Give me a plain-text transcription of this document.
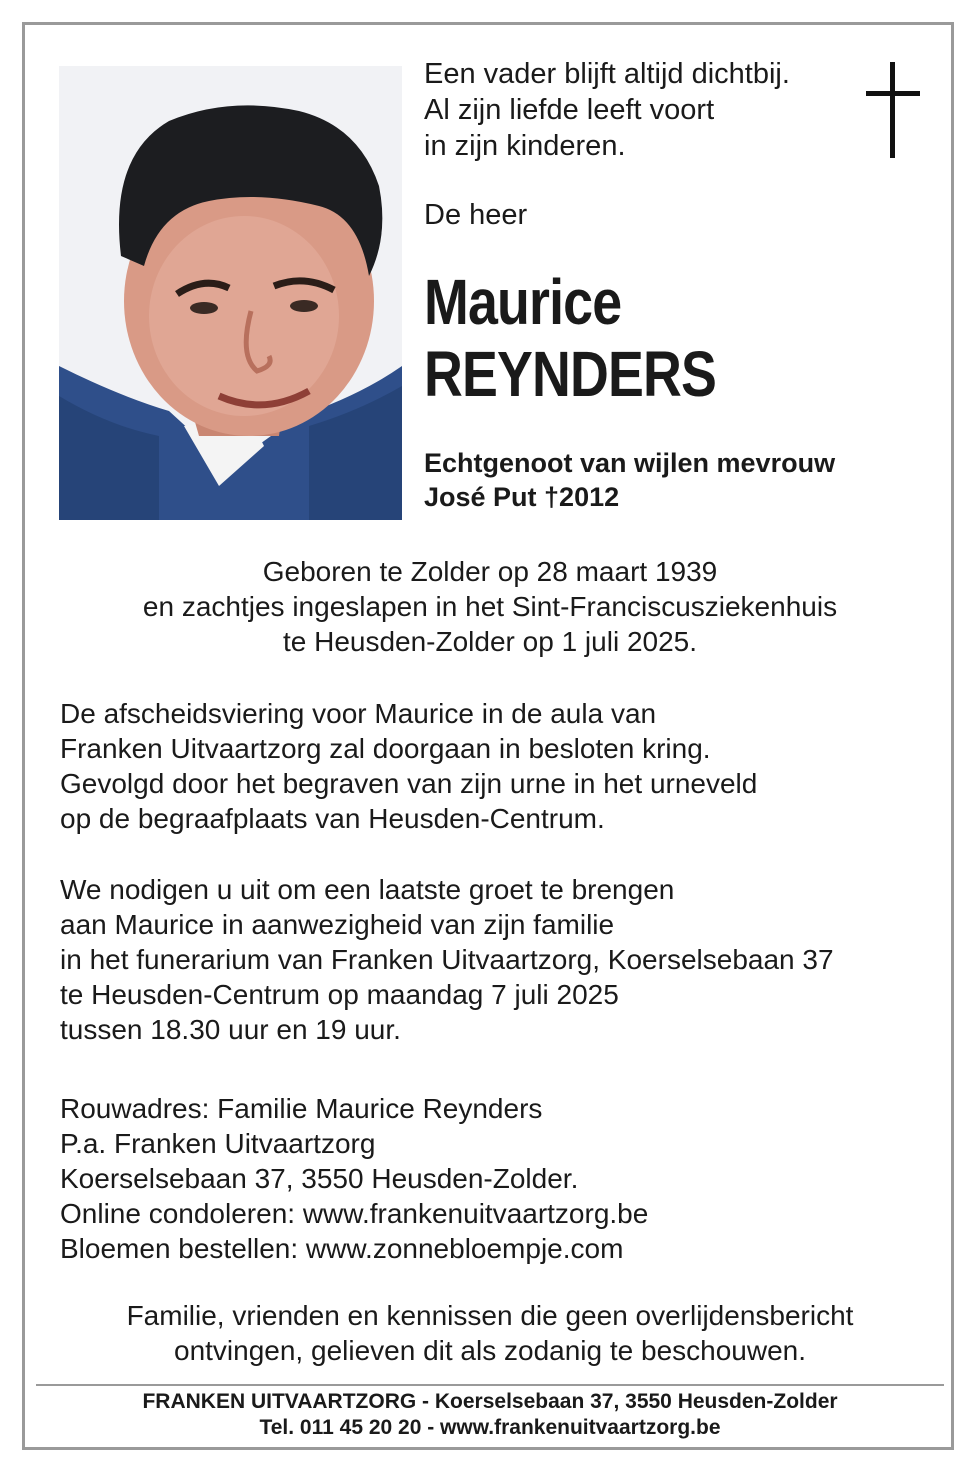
Een vader blijft altijd dichtbij.
Al zijn liefde leeft voort
in zijn kinderen.
De heer
Maurice
REYNDERS
Echtgenoot van wijlen mevrouw
José Put †2012
Geboren te Zolder op 28 maart 1939
en zachtjes ingeslapen in het Sint-Franciscusziekenhuis
te Heusden-Zolder op 1 juli 2025.
De afscheidsviering voor Maurice in de aula van
Franken Uitvaartzorg zal doorgaan in besloten kring.
Gevolgd door het begraven van zijn urne in het urneveld
op de begraafplaats van Heusden-Centrum.
We nodigen u uit om een laatste groet te brengen
aan Maurice in aanwezigheid van zijn familie
in het funerarium van Franken Uitvaartzorg, Koerselsebaan 37
te Heusden-Centrum op maandag 7 juli 2025
tussen 18.30 uur en 19 uur.
Rouwadres: Familie Maurice Reynders
P.a. Franken Uitvaartzorg
Koerselsebaan 37, 3550 Heusden-Zolder.
Online condoleren: www.frankenuitvaartzorg.be
Bloemen bestellen: www.zonnebloempje.com
Familie, vrienden en kennissen die geen overlijdensbericht
ontvingen, gelieven dit als zodanig te beschouwen.
FRANKEN UITVAARTZORG - Koerselsebaan 37, 3550 Heusden-Zolder
Tel. 011 45 20 20 - www.frankenuitvaartzorg.be
